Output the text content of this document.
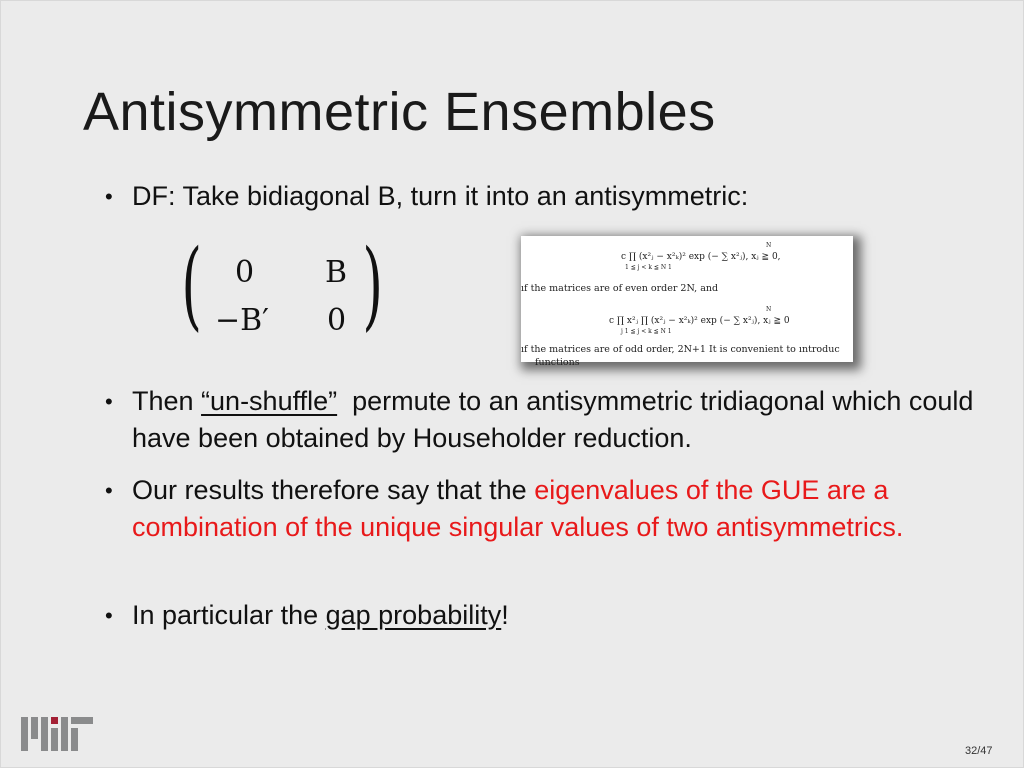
Antisymmetric Ensembles
• DF: Take bidiagonal B, turn it into an antisymmetric:
( 0 B
−B′ 0 )	c ∏ (x²ⱼ − x²ₖ)² exp (− ∑ x²ⱼ), xⱼ ≧ 0,
N
1 ≦ j < k ≦ N 1
ıf the matrices are of even order 2N, and
c ∏ x²ⱼ ∏ (x²ⱼ − x²ₖ)² exp (− ∑ x²ⱼ), xⱼ ≧ 0
N
j 1 ≦ j < k ≦ N 1
ıf the matrices are of odd order, 2N+1 It is convenient to ıntroduc
functions
• Then “un-shuffle”  permute to an antisymmetric tridiagonal which could have been obtained by Householder reduction.
• Our results therefore say that the eigenvalues of the GUE are a combination of the unique singular values of two antisymmetrics.
• In particular the gap probability!
32/47
